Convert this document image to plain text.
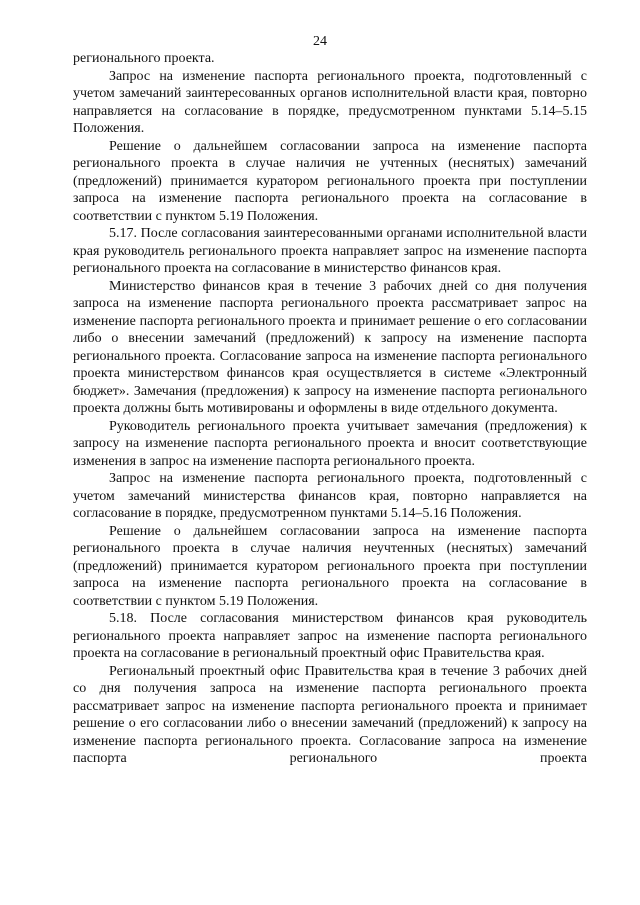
24

регионального проекта.

Запрос на изменение паспорта регионального проекта, подготовленный с учетом замечаний заинтересованных органов исполнительной власти края, повторно направляется на согласование в порядке, предусмотренном пунктами 5.14–5.15 Положения.

Решение о дальнейшем согласовании запроса на изменение паспорта регионального проекта в случае наличия не учтенных (неснятых) замечаний (предложений) принимается куратором регионального проекта при поступлении запроса на изменение паспорта регионального проекта на согласование в соответствии с пунктом 5.19 Положения.

5.17. После согласования заинтересованными органами исполнительной власти края руководитель регионального проекта направляет запрос на изменение паспорта регионального проекта на согласование в министерство финансов края.

Министерство финансов края в течение 3 рабочих дней со дня получения запроса на изменение паспорта регионального проекта рассматривает запрос на изменение паспорта регионального проекта и принимает решение о его согласовании либо о внесении замечаний (предложений) к запросу на изменение паспорта регионального проекта. Согласование запроса на изменение паспорта регионального проекта министерством финансов края осуществляется в системе «Электронный бюджет». Замечания (предложения) к запросу на изменение паспорта регионального проекта должны быть мотивированы и оформлены в виде отдельного документа.

Руководитель регионального проекта учитывает замечания (предложения) к запросу на изменение паспорта регионального проекта и вносит соответствующие изменения в запрос на изменение паспорта регионального проекта.

Запрос на изменение паспорта регионального проекта, подготовленный с учетом замечаний министерства финансов края, повторно направляется на согласование в порядке, предусмотренном пунктами 5.14–5.16 Положения.

Решение о дальнейшем согласовании запроса на изменение паспорта регионального проекта в случае наличия неучтенных (неснятых) замечаний (предложений) принимается куратором регионального проекта при поступлении запроса на изменение паспорта регионального проекта на согласование в соответствии с пунктом 5.19 Положения.

5.18. После согласования министерством финансов края руководитель регионального проекта направляет запрос на изменение паспорта регионального проекта на согласование в региональный проектный офис Правительства края.

Региональный проектный офис Правительства края в течение 3 рабочих дней со дня получения запроса на изменение паспорта регионального проекта рассматривает запрос на изменение паспорта регионального проекта и принимает решение о его согласовании либо о внесении замечаний (предложений) к запросу на изменение паспорта регионального проекта. Согласование запроса на изменение паспорта регионального проекта
